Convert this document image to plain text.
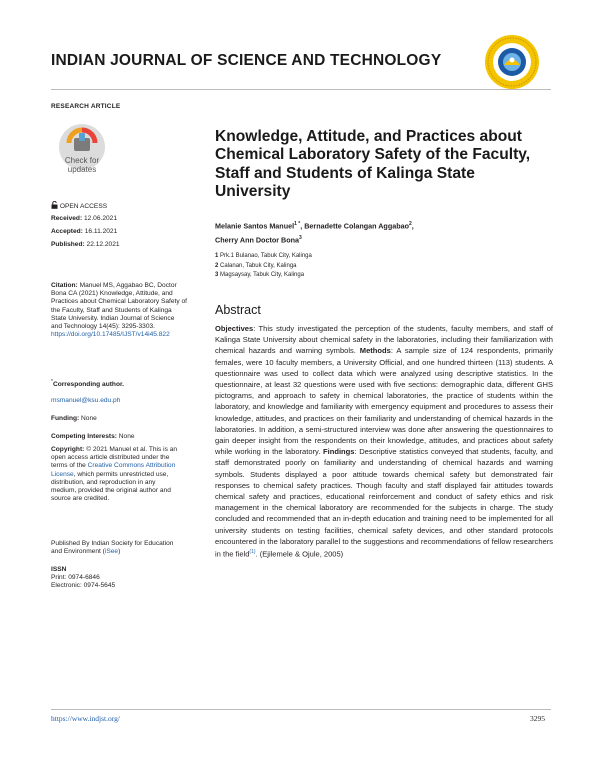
INDIAN JOURNAL OF SCIENCE AND TECHNOLOGY
RESEARCH ARTICLE
Check for
updates
OPEN ACCESS
Received: 12.06.2021
Accepted: 16.11.2021
Published: 22.12.2021
Citation: Manuel MS, Aggabao BC, Doctor Bona CA (2021) Knowledge, Attitude, and Practices about Chemical Laboratory Safety of the Faculty, Staff and Students of Kalinga State University. Indian Journal of Science and Technology 14(45): 3295-3303. https://doi.org/10.17485/IJST/v14i45.822
*Corresponding author.
msmanuel@ksu.edu.ph
Funding: None
Competing Interests: None
Copyright: © 2021 Manuel et al. This is an open access article distributed under the terms of the Creative Commons Attribution License, which permits unrestricted use, distribution, and reproduction in any medium, provided the original author and source are credited.
Published By Indian Society for Education and Environment (iSee)
ISSN
Print: 0974-6846
Electronic: 0974-5645
Knowledge, Attitude, and Practices about Chemical Laboratory Safety of the Faculty, Staff and Students of Kalinga State University
Melanie Santos Manuel$^{1 *}$, Bernadette Colangan Aggabao$^2$,
Cherry Ann Doctor Bona$^3$
1 Prk.1 Bulanao, Tabuk City, Kalinga
2 Calanan, Tabuk City, Kalinga
3 Magsaysay, Tabuk City, Kalinga
Abstract
Objectives: This study investigated the perception of the students, faculty members, and staff of Kalinga State University about chemical safety in the laboratories, including their familiarization with chemical hazards and warning symbols. Methods: A sample size of 124 respondents, primarily females, were 10 faculty members, a University Official, and one hundred thirteen (113) students. A questionnaire was used to collect data which were analyzed using descriptive statistics. In the questionnaire, at least 32 questions were used with five sections: demographic data, different GHS pictograms, and approach to safety in chemical laboratories, the practice of students within the laboratory, and knowledge and familiarity with emergency equipment and procedures to assess their knowledge, attitudes, and practices on their familiarity and understanding of chemical hazards in the laboratories. In addition, a semi-structured interview was done after answering the questionnaires to gain deeper insight from the respondents on their knowledge, attitudes, and practices about safety while working in the laboratory. Findings: Descriptive statistics conveyed that students, faculty, and staff demonstrated poorly on familiarity and understanding of chemical hazards and warning symbols. Students displayed a poor attitude towards chemical safety but demonstrated fair responses to chemical safety practices. Though faculty and staff displayed fair attitudes towards chemical safety and practices, educational reinforcement and conduct of safety ethics and risk management in the chemical laboratory are recommended for the subjects in charge. The study concluded and recommended that an in-depth education and training need to be implemented for all university students on testing facilities, chemical safety devices, and other standard protocols encountered in the laboratory parallel to the suggestions and recommendations of fellow researchers in the field$^{(1)}$. (Ejilemele & Ojule, 2005)
https://www.indjst.org/	3295
